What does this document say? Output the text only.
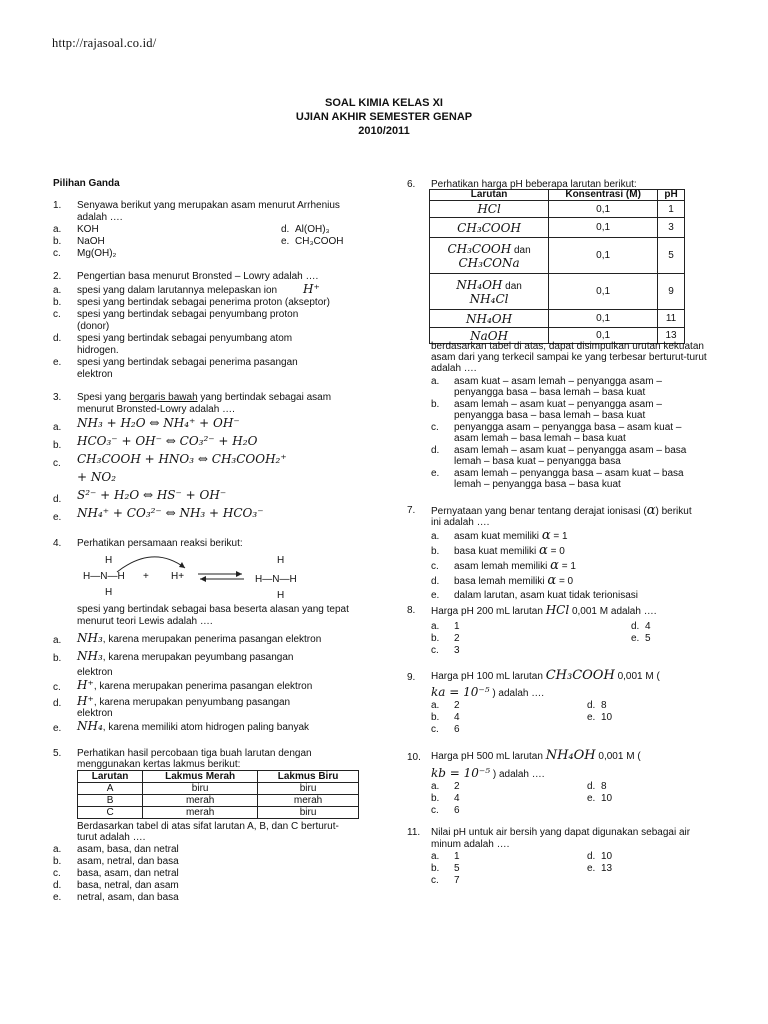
http://rajasoal.co.id/
SOAL KIMIA KELAS XI
UJIAN AKHIR SEMESTER GENAP
2010/2011
Pilihan Ganda
1. Senyawa berikut yang merupakan asam menurut Arrhenius
adalah ….
a. KOH
b. NaOH
c. Mg(OH)₂
d. Al(OH)₃
e. CH₃COOH
2. Pengertian basa menurut Bronsted – Lowry adalah ….
a. spesi yang dalam larutannya melepaskan ion H⁺
b. spesi yang bertindak sebagai penerima proton (akseptor)
c. spesi yang bertindak sebagai penyumbang proton
(donor)
d. spesi yang bertindak sebagai penyumbang atom
hidrogen.
e. spesi yang bertindak sebagai penerima pasangan
elektron
3. Spesi yang bergaris bawah yang bertindak sebagai asam
menurut Bronsted-Lowry adalah ….
a. NH₃ + H₂O ⇔ NH₄⁺ + OH⁻
b. HCO₃⁻ + OH⁻ ⇔ CO₃²⁻ + H₂O
c. CH₃COOH + HNO₃ ⇔ CH₃COOH₂⁺
+ NO₂
d. S²⁻ + H₂O ⇔ HS⁻ + OH⁻
e. NH₄⁺ + CO₃²⁻ ⇔ NH₃ + HCO₃⁻
4. Perhatikan persamaan reaksi berikut:
H
H—N—H
H
+ H+
H
H—N—H
H
spesi yang bertindak sebagai basa beserta alasan yang tepat
menurut teori Lewis adalah ….
a. NH₃, karena merupakan penerima pasangan elektron
b. NH₃, karena merupakan peyumbang pasangan
elektron
c. H⁺, karena merupakan penerima pasangan elektron
d. H⁺, karena merupakan penyumbang pasangan
elektron
e. NH₄, karena memiliki atom hidrogen paling banyak
5. Perhatikan hasil percobaan tiga buah larutan dengan
menggunakan kertas lakmus berikut:
Larutan	Lakmus Merah	Lakmus Biru
A	biru	biru
B	merah	merah
C	merah	biru
Berdasarkan tabel di atas sifat larutan A, B, dan C berturut-
turut adalah ….
a. asam, basa, dan netral
b. asam, netral, dan basa
c. basa, asam, dan netral
d. basa, netral, dan asam
e. netral, asam, dan basa
6. Perhatikan harga pH beberapa larutan berikut:
Larutan	Konsentrasi (M)	pH
HCl	0,1	1
CH₃COOH	0,1	3
CH₃COOH dan
CH₃CONa	0,1	5
NH₄OH dan
NH₄Cl	0,1	9
NH₄OH	0,1	11
NaOH	0,1	13
berdasarkan tabel di atas, dapat disimpulkan urutan kekuatan
asam dari yang terkecil sampai ke yang terbesar berturut-turut
adalah ….
a. asam kuat – asam lemah – penyangga asam –
penyangga basa – basa lemah – basa kuat
b. asam lemah – asam kuat – penyangga asam –
penyangga basa – basa lemah – basa kuat
c. penyangga asam – penyangga basa – asam kuat –
asam lemah – basa lemah – basa kuat
d. asam lemah – asam kuat – penyangga asam – basa
lemah – basa kuat – penyangga basa
e. asam lemah – penyangga basa – asam kuat – basa
lemah – penyangga basa – basa kuat
7. Pernyataan yang benar tentang derajat ionisasi (α) berikut
ini adalah ….
a. asam kuat memiliki α = 1
b. basa kuat memiliki α = 0
c. asam lemah memiliki α = 1
d. basa lemah memiliki α = 0
e. dalam larutan, asam kuat tidak terionisasi
8. Harga pH 200 mL larutan HCl 0,001 M adalah ….
a. 1
b. 2
c. 3
d. 4
e. 5
9. Harga pH 100 mL larutan CH₃COOH 0,001 M (
ka = 10⁻⁵ ) adalah ….
a. 2
b. 4
c. 6
d. 8
e. 10
10. Harga pH 500 mL larutan NH₄OH 0,001 M (
kb = 10⁻⁵ ) adalah ….
a. 2
b. 4
c. 6
d. 8
e. 10
11. Nilai pH untuk air bersih yang dapat digunakan sebagai air
minum adalah ….
a. 1
b. 5
c. 7
d. 10
e. 13
